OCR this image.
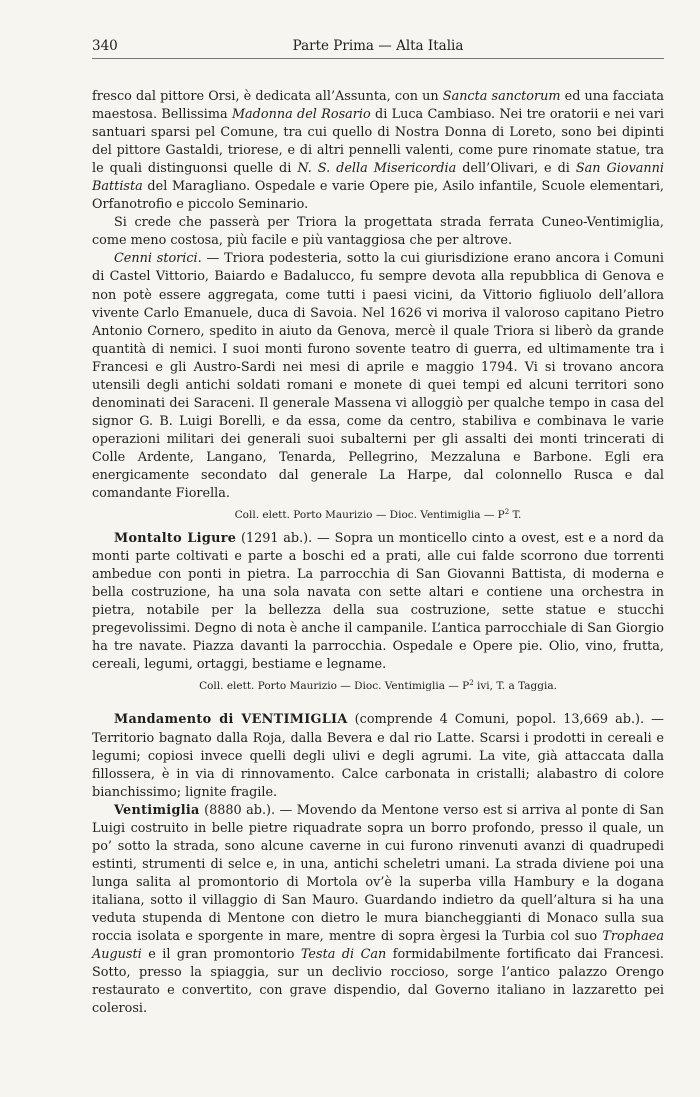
340	Parte Prima — Alta Italia

fresco dal pittore Orsi, è dedicata all’Assunta, con un Sancta sanctorum ed una facciata maestosa. Bellissima Madonna del Rosario di Luca Cambiaso. Nei tre oratorii e nei vari santuari sparsi pel Comune, tra cui quello di Nostra Donna di Loreto, sono bei dipinti del pittore Gastaldi, triorese, e di altri pennelli valenti, come pure rinomate statue, tra le quali distinguonsi quelle di N. S. della Misericordia dell’Olivari, e di San Giovanni Battista del Maragliano. Ospedale e varie Opere pie, Asilo infantile, Scuole elementari, Orfanotrofio e piccolo Seminario.

Si crede che passerà per Triora la progettata strada ferrata Cuneo-Ventimiglia, come meno costosa, più facile e più vantaggiosa che per altrove.

Cenni storici. — Triora podesteria, sotto la cui giurisdizione erano ancora i Comuni di Castel Vittorio, Baiardo e Badalucco, fu sempre devota alla repubblica di Genova e non potè essere aggregata, come tutti i paesi vicini, da Vittorio figliuolo dell’allora vivente Carlo Emanuele, duca di Savoia. Nel 1626 vi moriva il valoroso capitano Pietro Antonio Cornero, spedito in aiuto da Genova, mercè il quale Triora si liberò da grande quantità di nemici. I suoi monti furono sovente teatro di guerra, ed ultimamente tra i Francesi e gli Austro-Sardi nei mesi di aprile e maggio 1794. Vi si trovano ancora utensili degli antichi soldati romani e monete di quei tempi ed alcuni territori sono denominati dei Saraceni. Il generale Massena vi alloggiò per qualche tempo in casa del signor G. B. Luigi Borelli, e da essa, come da centro, stabiliva e combinava le varie operazioni militari dei generali suoi subalterni per gli assalti dei monti trincerati di Colle Ardente, Langano, Tenarda, Pellegrino, Mezzaluna e Barbone. Egli era energicamente secondato dal generale La Harpe, dal colonnello Rusca e dal comandante Fiorella.

Coll. elett. Porto Maurizio — Dioc. Ventimiglia — $P^2$ T.

Montalto Ligure (1291 ab.). — Sopra un monticello cinto a ovest, est e a nord da monti parte coltivati e parte a boschi ed a prati, alle cui falde scorrono due torrenti ambedue con ponti in pietra. La parrocchia di San Giovanni Battista, di moderna e bella costruzione, ha una sola navata con sette altari e contiene una orchestra in pietra, notabile per la bellezza della sua costruzione, sette statue e stucchi pregevolissimi. Degno di nota è anche il campanile. L’antica parrocchiale di San Giorgio ha tre navate. Piazza davanti la parrocchia. Ospedale e Opere pie. Olio, vino, frutta, cereali, legumi, ortaggi, bestiame e legname.

Coll. elett. Porto Maurizio — Dioc. Ventimiglia — $P^2$ ivi, T. a Taggia.

Mandamento di VENTIMIGLIA (comprende 4 Comuni, popol. 13,669 ab.). — Territorio bagnato dalla Roja, dalla Bevera e dal rio Latte. Scarsi i prodotti in cereali e legumi; copiosi invece quelli degli ulivi e degli agrumi. La vite, già attaccata dalla fillossera, è in via di rinnovamento. Calce carbonata in cristalli; alabastro di colore bianchissimo; lignite fragile.

Ventimiglia (8880 ab.). — Movendo da Mentone verso est si arriva al ponte di San Luigi costruito in belle pietre riquadrate sopra un borro profondo, presso il quale, un po’ sotto la strada, sono alcune caverne in cui furono rinvenuti avanzi di quadrupedi estinti, strumenti di selce e, in una, antichi scheletri umani. La strada diviene poi una lunga salita al promontorio di Mortola ov’è la superba villa Hambury e la dogana italiana, sotto il villaggio di San Mauro. Guardando indietro da quell’altura si ha una veduta stupenda di Mentone con dietro le mura biancheggianti di Monaco sulla sua roccia isolata e sporgente in mare, mentre di sopra èrgesi la Turbia col suo Trophaea Augusti e il gran promontorio Testa di Can formidabilmente fortificato dai Francesi. Sotto, presso la spiaggia, sur un declivio roccioso, sorge l’antico palazzo Orengo restaurato e convertito, con grave dispendio, dal Governo italiano in lazzaretto pei colerosi.
